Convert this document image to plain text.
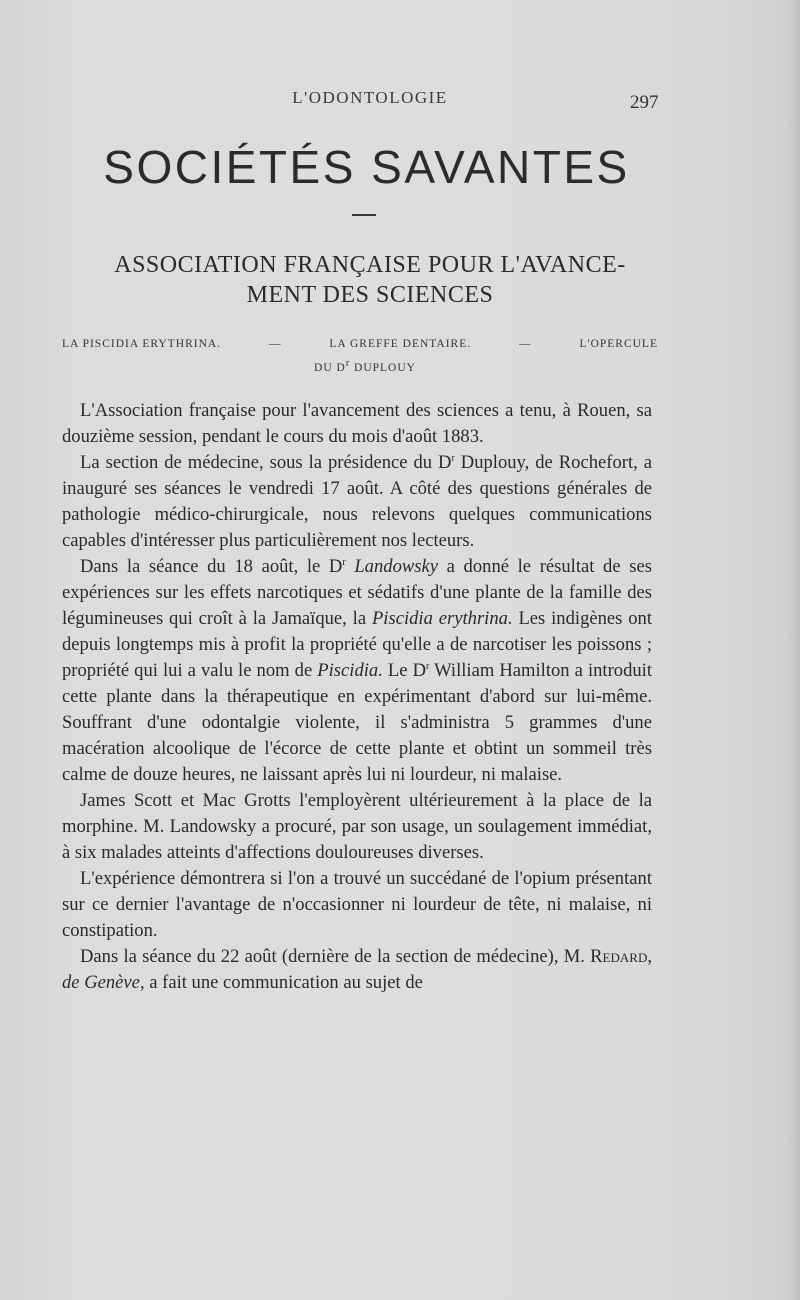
L'ODONTOLOGIE	297
SOCIÉTÉS SAVANTES
ASSOCIATION FRANÇAISE POUR L'AVANCE-
MENT DES SCIENCES
LA PISCIDIA ERYTHRINA.	—	LA GREFFE DENTAIRE.	—	L'OPERCULE
DU $D^r$ DUPLOUY

L'Association française pour l'avancement des sciences a tenu, à Rouen, sa douzième session, pendant le cours du mois d'août 1883.

La section de médecine, sous la présidence du $D^r$ Duplouy, de Rochefort, a inauguré ses séances le vendredi 17 août. A côté des questions générales de pathologie médico-chirurgicale, nous relevons quelques communications capables d'intéresser plus particulièrement nos lecteurs.

Dans la séance du 18 août, le $D^r$ Landowsky a donné le résultat de ses expériences sur les effets narcotiques et sédatifs d'une plante de la famille des légumineuses qui croît à la Jamaïque, la Piscidia erythrina. Les indigènes ont depuis longtemps mis à profit la propriété qu'elle a de narcotiser les poissons ; propriété qui lui a valu le nom de Piscidia. Le $D^r$ William Hamilton a introduit cette plante dans la thérapeutique en expérimentant d'abord sur lui-même. Souffrant d'une odontalgie violente, il s'administra 5 grammes d'une macération alcoolique de l'écorce de cette plante et obtint un sommeil très calme de douze heures, ne laissant après lui ni lourdeur, ni malaise.

James Scott et Mac Grotts l'employèrent ultérieurement à la place de la morphine. M. Landowsky a procuré, par son usage, un soulagement immédiat, à six malades atteints d'affections douloureuses diverses.

L'expérience démontrera si l'on a trouvé un succédané de l'opium présentant sur ce dernier l'avantage de n'occasionner ni lourdeur de tête, ni malaise, ni constipation.

Dans la séance du 22 août (dernière de la section de médecine), M. Redard, de Genève, a fait une communication au sujet de
